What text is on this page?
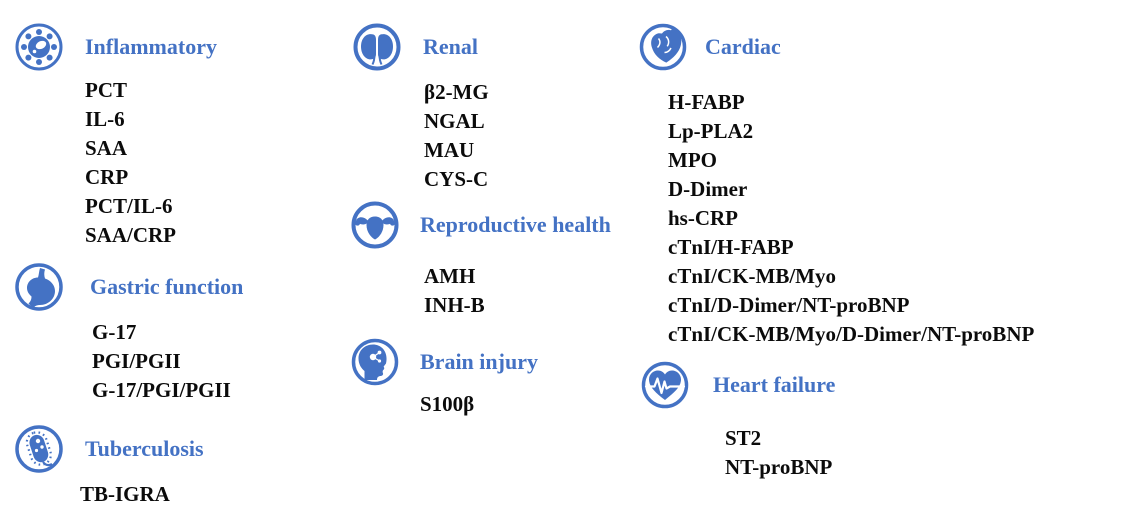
Inflammatory
PCT
IL-6
SAA
CRP
PCT/IL-6
SAA/CRP
Gastric function
G-17
PGI/PGII
G-17/PGI/PGII
Tuberculosis
TB-IGRA
Renal
β2-MG
NGAL
MAU
CYS-C
Reproductive health
AMH
INH-B
Brain injury
S100β
Cardiac
H-FABP
Lp-PLA2
MPO
D-Dimer
hs-CRP
cTnI/H-FABP
cTnI/CK-MB/Myo
cTnI/D-Dimer/NT-proBNP
cTnI/CK-MB/Myo/D-Dimer/NT-proBNP
Heart failure
ST2
NT-proBNP
